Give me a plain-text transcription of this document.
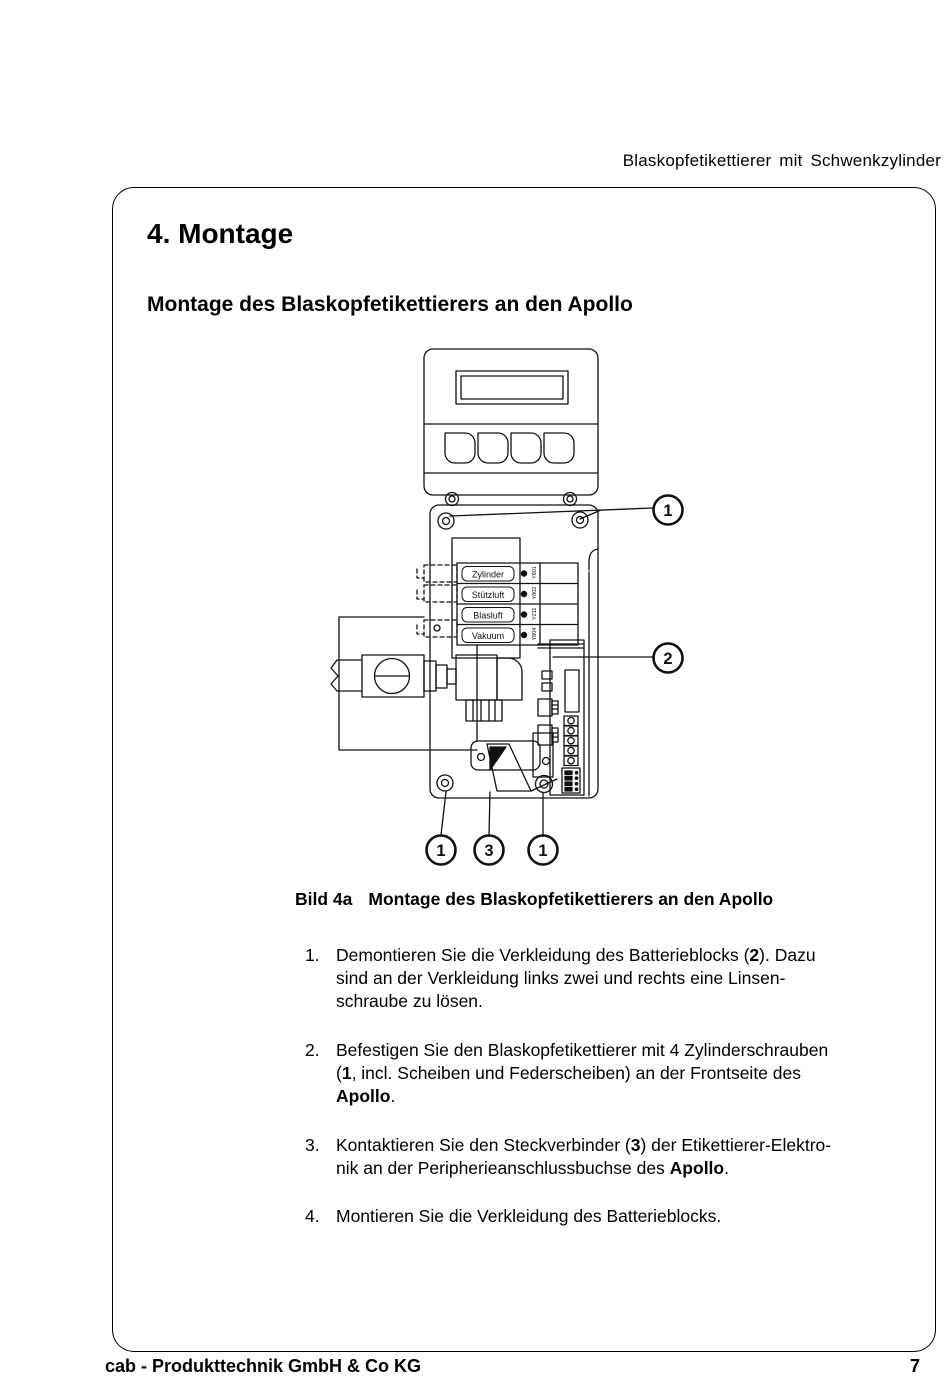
Blaskopfetikettierer mit Schwenkzylinder
4. Montage
Montage des Blaskopfetikettierers an den Apollo
Zylinder
Stützluft
Blasluft
Vakuum
Y801
Y802
Y211
Y804
1
2
1 3	1
Bild 4a Montage des Blaskopfetikettierers an den Apollo
1. Demontieren Sie die Verkleidung des Batterieblocks (2). Dazu
sind an der Verkleidung links zwei und rechts eine Linsen-
schraube zu lösen.
2. Befestigen Sie den Blaskopfetikettierer mit 4 Zylinderschrauben
(1, incl. Scheiben und Federscheiben) an der Frontseite des
Apollo.
3. Kontaktieren Sie den Steckverbinder (3) der Etikettierer-Elektro-
nik an der Peripherieanschlussbuchse des Apollo.
4. Montieren Sie die Verkleidung des Batterieblocks.
cab - Produkttechnik GmbH & Co KG	7
